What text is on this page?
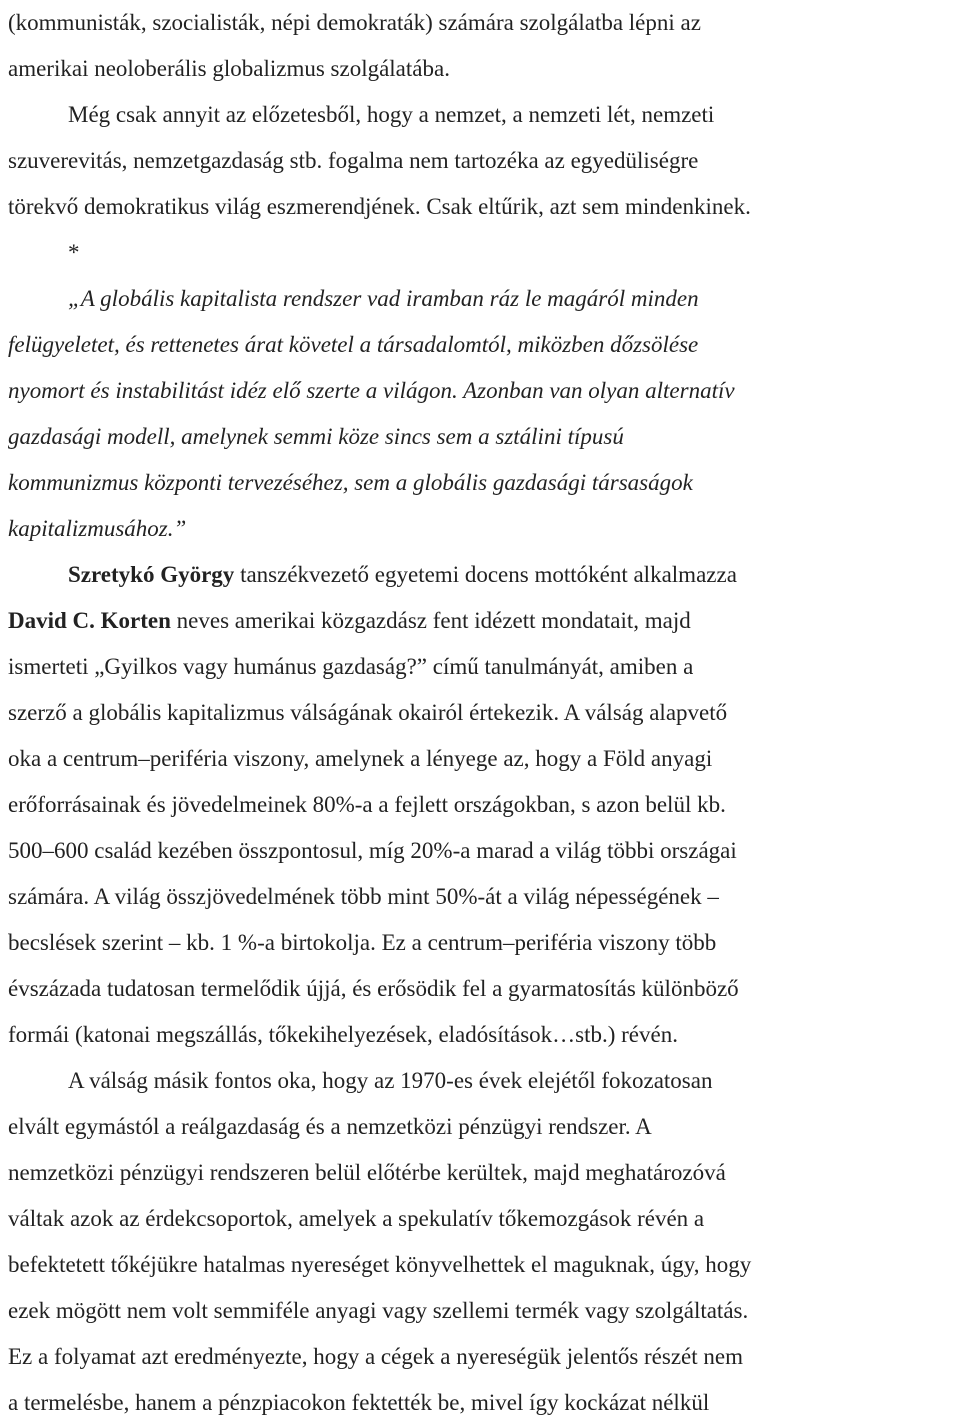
(kommunisták, szocialisták, népi demokraták) számára szolgálatba lépni az
amerikai neoloberális globalizmus szolgálatába.
Még csak annyit az előzetesből, hogy a nemzet, a nemzeti lét, nemzeti
szuverevitás, nemzetgazdaság stb. fogalma nem tartozéka az egyedüliségre
törekvő demokratikus világ eszmerendjének. Csak eltűrik, azt sem mindenkinek.
*
„A globális kapitalista rendszer vad iramban ráz le magáról minden
felügyeletet, és rettenetes árat követel a társadalomtól, miközben dőzsölése
nyomort és instabilitást idéz elő szerte a világon. Azonban van olyan alternatív
gazdasági modell, amelynek semmi köze sincs sem a sztálini típusú
kommunizmus központi tervezéséhez, sem a globális gazdasági társaságok
kapitalizmusához.”
Szretykó György tanszékvezető egyetemi docens mottóként alkalmazza
David C. Korten neves amerikai közgazdász fent idézett mondatait, majd
ismerteti „Gyilkos vagy humánus gazdaság?” című tanulmányát, amiben a
szerző a globális kapitalizmus válságának okairól értekezik. A válság alapvető
oka a centrum–periféria viszony, amelynek a lényege az, hogy a Föld anyagi
erőforrásainak és jövedelmeinek 80%-a a fejlett országokban, s azon belül kb.
500–600 család kezében összpontosul, míg 20%-a marad a világ többi országai
számára. A világ összjövedelmének több mint 50%-át a világ népességének –
becslések szerint – kb. 1 %-a birtokolja. Ez a centrum–periféria viszony több
évszázada tudatosan termelődik újjá, és erősödik fel a gyarmatosítás különböző
formái (katonai megszállás, tőkekihelyezések, eladósítások…stb.) révén.
A válság másik fontos oka, hogy az 1970-es évek elejétől fokozatosan
elvált egymástól a reálgazdaság és a nemzetközi pénzügyi rendszer. A
nemzetközi pénzügyi rendszeren belül előtérbe kerültek, majd meghatározóvá
váltak azok az érdekcsoportok, amelyek a spekulatív tőkemozgások révén a
befektetett tőkéjükre hatalmas nyereséget könyvelhettek el maguknak, úgy, hogy
ezek mögött nem volt semmiféle anyagi vagy szellemi termék vagy szolgáltatás.
Ez a folyamat azt eredményezte, hogy a cégek a nyereségük jelentős részét nem
a termelésbe, hanem a pénzpiacokon fektették be, mivel így kockázat nélkül
